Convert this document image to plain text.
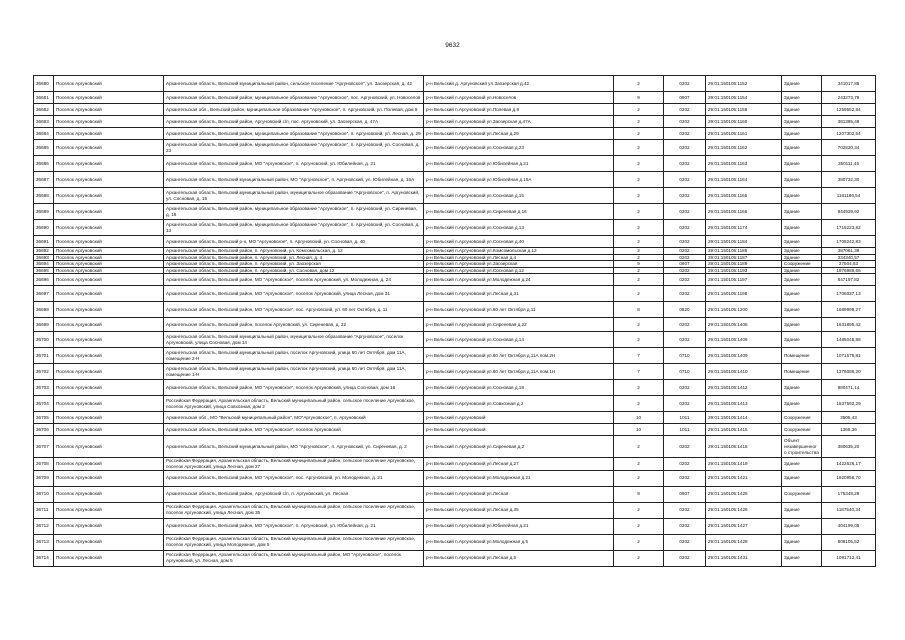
9632
36680	Поселок Аргуновский	Архангельская область, Вельский муниципальный район, сельское поселение "Аргуновское", ул. Заозерская, д. 42	р-н Вельский д. Аргуновский ул.Заозерская д.42	2	0202	29:01:150105:1152	Здание	341017,85
36681	Поселок Аргуновский	Архангельская область, Вельский район, муниципальное образование "Аргуновское", пос. Аргуновский, ул. Новоселов	р-н Вельский п.Аргуновский ул.Новоселов	9	0907	29:01:150105:1154	Здание	243273,78
36682	Поселок Аргуновский	Архангельская обл., Вельский район, муниципальное образование "Аргуновское", п. Аргуновский, ул. Полевая, дом 9	р-н Вельский п.Аргуновский ул.Полевая д.9	2	0202	29:01:150105:1159	Здание	1259552,84
36683	Поселок Аргуновский	Архангельская область, Вельский район, Аргуновский с/п, пос. Аргуновский, ул. Заозерская, д. 47А	р-н Вельский п.Аргуновский ул.Заозерская д.47А	2	0202	29:01:150105:1160	Здание	381385,48
36684	Поселок Аргуновский	Архангельская область, Вельский район, муниципальное образование "Аргуновское", п. Аргуновский, ул. Лесная, д. 29	р-н Вельский п.Аргуновский ул.Лесная д.29	2	0202	29:01:150105:1161	Здание	1207302,54
36685	Поселок Аргуновский	Архангельская область, Вельский район, муниципальное образование "Аргуновское", п. Аргуновский, ул. Сосновая, д. 23	р-н Вельский п.Аргуновский ул.Сосновая д.23	2	0202	29:01:150105:1162	Здание	702820,34
36686	Поселок Аргуновский	Архангельская область, Вельский район, МО "Аргуновское", п. Аргуновский, ул. Юбилейная, д. 21	р-н Вельский п.Аргуновский ул.Юбилейная д.21	2	0202	29:01:150105:1163	Здание	350111,45
36687	Поселок Аргуновский	Архангельская область, Вельский муниципальный район, МО "Аргуновское", п. Аргуновский, ул. Юбилейная, д. 15А	р-н Вельский п.Аргуновский ул.Юбилейная д.15А	2	0202	29:01:150105:1164	Здание	380732,30
36688	Поселок Аргуновский	Архангельская область, Вельский муниципальный район, муниципальное образование "Аргуновское", п. Аргуновский, ул. Сосновая, д. 15	р-н Вельский п.Аргуновский ул.Сосновая д.15	2	0202	29:01:150105:1165	Здание	1161186,54
36689	Поселок Аргуновский	Архангельская область, Вельский район, муниципальное образование "Аргуновское", п. Аргуновский, ул. Сиреневая, д. 16	р-н Вельский п.Аргуновский ул.Сиреневая д.16	2	0202	29:01:150105:1166	Здание	944939,92
36690	Поселок Аргуновский	Архангельская область, Вельский район, муниципальное образование "Аргуновское", п. Аргуновский, ул. Сосновая, д. 13	р-н Вельский п.Аргуновский ул.Сосновая д.13	2	0202	29:01:150105:1174	Здание	1715223,82
36691	Поселок Аргуновский	Архангельская область, Вельский р-н, МО "Аргуновское", п. Аргуновский, ул. Сосновая, д. 40	р-н Вельский п.Аргуновский ул.Сосновая д.40	2	0202	29:01:150105:1184	Здание	1708242,83
36692	Поселок Аргуновский	Архангельская область, Вельский район, п. Аргуновский, ул. Комсомольская, д. 12	р-н Вельский п.Аргуновский ул.Комсомольская д.12	2	0202	29:01:150105:1185	Здание	387061,38
36693	Поселок Аргуновский	Архангельская область, Вельский район, п. Аргуновский, ул. Лесная, д. 4	р-н Вельский п.Аргуновский ул.Лесная д.4	2	0202	29:01:150105:1187	Здание	334340,57
36694	Поселок Аргуновский	Архангельская область, Вельский район, п. Аргуновский, ул. Заозерская	р-н Вельский п.Аргуновский ул.Заозерская	9	0907	29:01:150105:1189	Сооружение	27504,63
36695	Поселок Аргуновский	Архангельская область, Вельский район, п. Аргуновский, ул. Сосновая, дом 12	р-н Вельский п.Аргуновский ул.Сосновая д.12	2	0202	29:01:150105:1193	Здание	1976989,66
36696	Поселок Аргуновский	Архангельская область, Вельский район, МО "Аргуновское", поселок Аргуновский, ул. Молодежная, д. 24	р-н Вельский п.Аргуновский ул.Молодежная д.24	2	0202	29:01:150105:1197	Здание	847197,82
36697	Поселок Аргуновский	Архангельская область, Вельский район, МО "Аргуновское", поселок Аргуновский, улица Лесная, дом 31	р-н Вельский п.Аргуновский ул.Лесная д.31	2	0202	29:01:150105:1198	Здание	1706037,13
36698	Поселок Аргуновский	Архангельская область, Вельский район, МО "Аргуновское", пос. Аргуновский, ул. 60 лет Октября, д. 11	р-н Вельский п.Аргуновский ул.60 лет Октября д.11	8	0820	29:01:150105:1200	Здание	1689999,27
36699	Поселок Аргуновский	Архангельская область, Вельский район, поселок Аргуновский, ул. Сиреневая, д. 22	р-н Вельский п.Аргуновский ул.Сиреневая д.22	2	0202	29:01:150105:1405	Здание	1631895,42
36700	Поселок Аргуновский	Архангельская область, Вельский муниципальный район, муниципальное образование "Аргуновское", поселок Аргуновский, улица Сосновая, дом 14	р-н Вельский п.Аргуновский ул.Сосновая д.14	2	0202	29:01:150105:1406	Здание	1485048,88
36701	Поселок Аргуновский	Архангельская область, Вельский муниципальный район, поселок Аргуновский, улица 60 лет Октября, дом 11А, помещение 2-Н	р-н Вельский п.Аргуновский ул.60 лет Октября д.11А пом.2Н	7	0710	29:01:150105:1409	Помещение	1071575,81
36702	Поселок Аргуновский	Архангельская область, Вельский муниципальный район, поселок Аргуновский, улица 60 лет Октября, дом 11А, помещение 1-Н	р-н Вельский п.Аргуновский ул.60 лет Октября д.11А пом.1Н	7	0710	29:01:150105:1410	Помещение	1376086,20
36703	Поселок Аргуновский	Архангельская область, Вельский район, МО "Аргуновское", поселок Аргуновский, улица Сосновая, дом 18	р-н Вельский п.Аргуновский ул.Сосновая д.18	2	0202	29:01:150105:1412	Здание	980471,14
36704	Поселок Аргуновский	Российская Федерация, Архангельская область, Вельский муниципальный район, сельское поселение Аргуновское, поселок Аргуновский, улица Совхозная, дом 2	р-н Вельский п.Аргуновский ул.Совхозная д.2	2	0202	29:01:150105:1413	Здание	1537592,29
36705	Поселок Аргуновский	Архангельская обл., МО "Вельский муниципальный район", МО"Аргуновское", п. Аргуновский	р-н Вельский п.Аргуновский	10	1011	29:01:150105:1414	Сооружение	3505,43
36706	Поселок Аргуновский	Архангельская область, Вельский район, МО "Аргуновское", поселок Аргуновский	р-н Вельский п.Аргуновский	10	1011	29:01:150105:1415	Сооружение	1368,36
36707	Поселок Аргуновский	Архангельская область, Вельский муниципальный район, МО "Аргуновское", п. Аргуновский, ул. Сиреневая, д. 2	р-н Вельский п.Аргуновский ул.Сиреневая д.2	2	0202	29:01:150105:1416	Объект незавершенного строительства	380635,20
36708	Поселок Аргуновский	Российская Федерация, Архангельская область, Вельский муниципальный район, сельское поселение Аргуновское, поселок Аргуновский, улица Лесная, дом 27	р-н Вельский п.Аргуновский ул.Лесная д.27	2	0202	29:01:150105:1419	Здание	1422626,17
36709	Поселок Аргуновский	Архангельская область, Вельский район, МО "Аргуновское", пос. Аргуновский, ул. Молодежная, д. 21	р-н Вельский п.Аргуновский ул.Молодежная д.21	2	0202	29:01:150105:1421	Здание	1920956,70
36710	Поселок Аргуновский	Архангельская область, Вельский район, Аргуновский с/п, п. Аргуновский, ул. Лесная	р-н Вельский п.Аргуновский ул.Лесная	9	0907	29:01:150105:1425	Сооружение	175348,28
36711	Поселок Аргуновский	Российская Федерация, Архангельская область, Вельский муниципальный район, сельское поселение Аргуновское, поселок Аргуновский, улица Лесная, дом 35	р-н Вельский п.Аргуновский ул.Лесная д.35	2	0202	29:01:150105:1426	Здание	1187540,34
36712	Поселок Аргуновский	Архангельская область, Вельский район, МО "Аргуновское", п. Аргуновский, ул. Юбилейная, д. 21	р-н Вельский п.Аргуновский ул.Юбилейная д.21	2	0202	29:01:150105:1427	Здание	404199,05
36713	Поселок Аргуновский	Российская Федерация, Архангельская область, Вельский муниципальный район, сельское поселение Аргуновское, поселок Аргуновский, улица Молодежная, дом 5	р-н Вельский п.Аргуновский ул.Молодежная д.5	2	0202	29:01:150105:1428	Здание	808105,52
36714	Поселок Аргуновский	Российская Федерация, Архангельская область, Вельский муниципальный район, МО "Аргуновское", поселок Аргуновский, ул. Лесная, дом 5	р-н Вельский п.Аргуновский ул.Лесная д.5	2	0202	29:01:150105:1431	Здание	1091712,41
